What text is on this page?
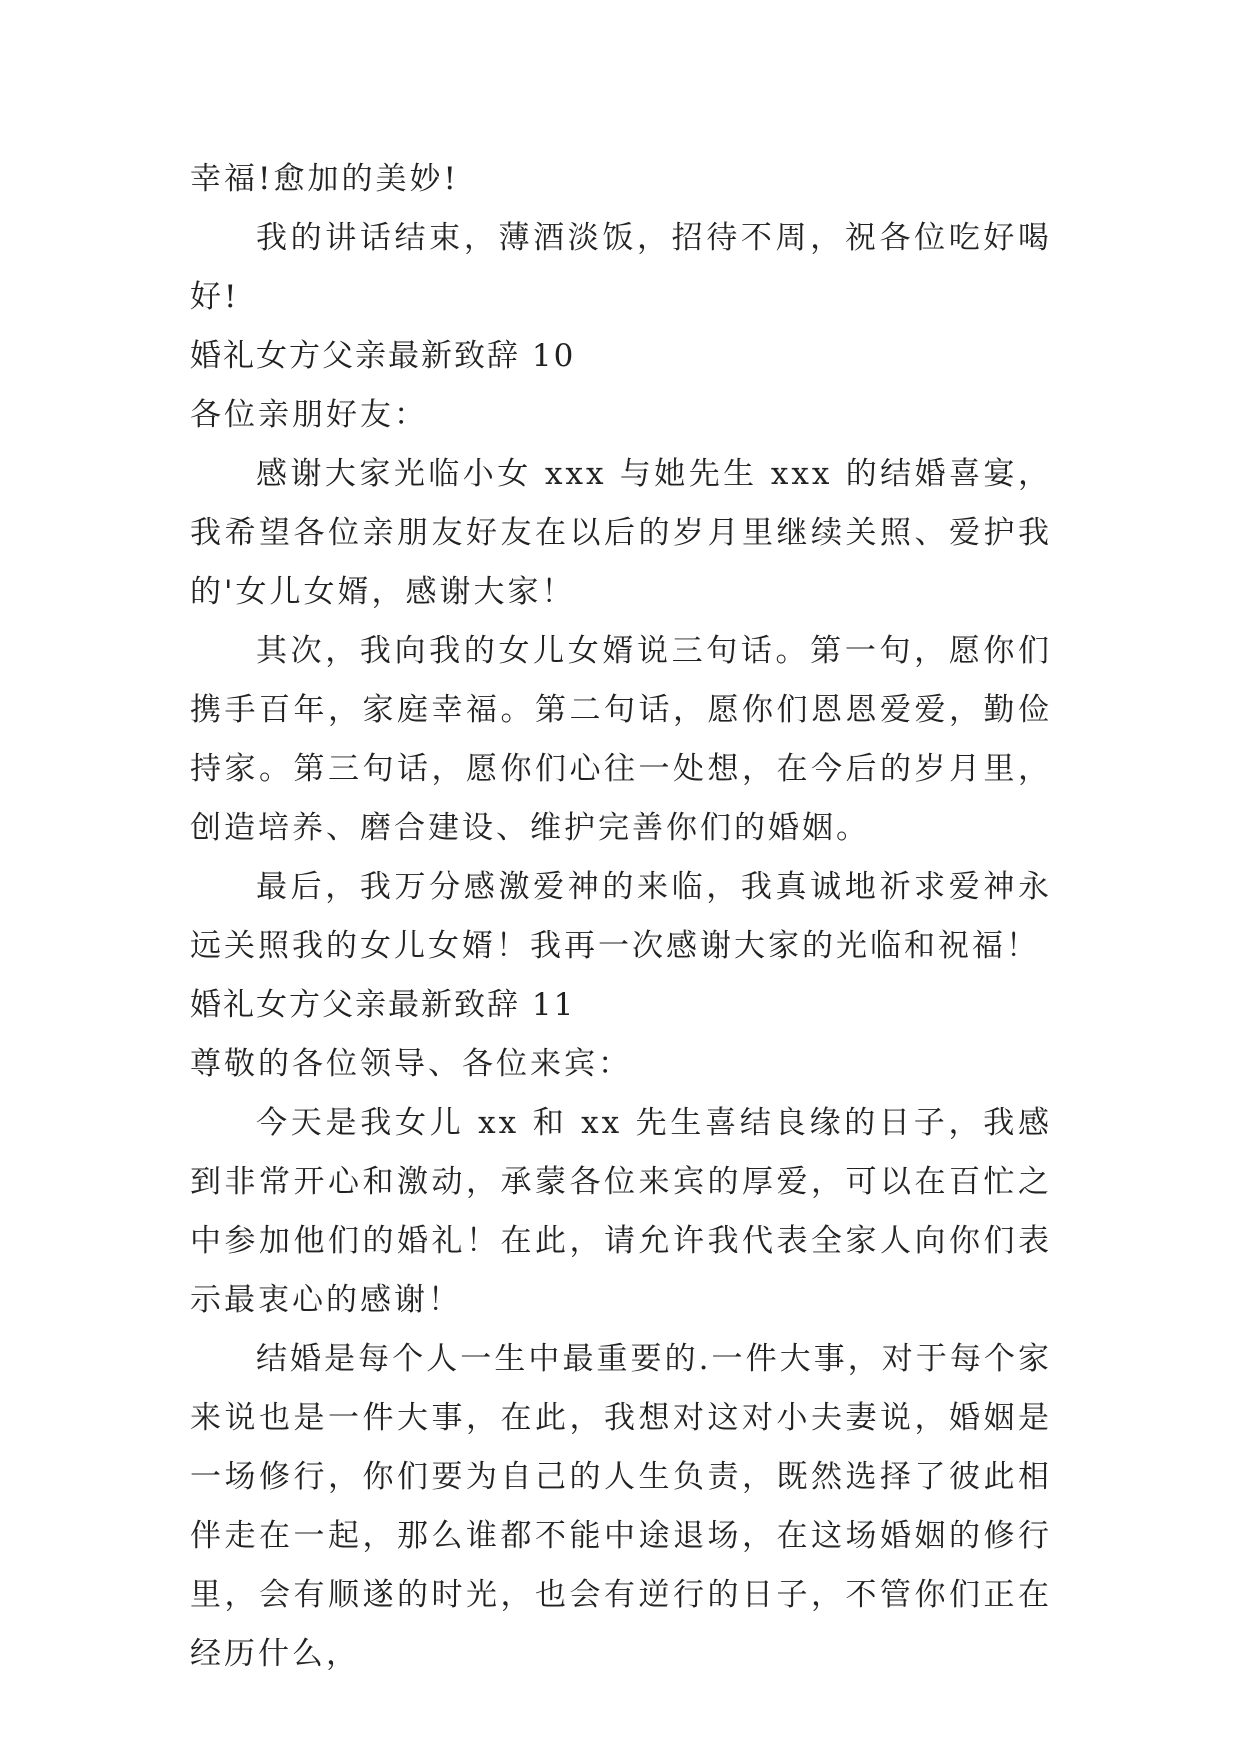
幸福!愈加的美妙!

我的讲话结束，薄酒淡饭，招待不周，祝各位吃好喝好!

婚礼女方父亲最新致辞 10

各位亲朋好友：

感谢大家光临小女 xxx 与她先生 xxx 的结婚喜宴，我希望各位亲朋友好友在以后的岁月里继续关照、爱护我的'女儿女婿，感谢大家！

其次，我向我的女儿女婿说三句话。第一句，愿你们携手百年，家庭幸福。第二句话，愿你们恩恩爱爱，勤俭持家。第三句话，愿你们心往一处想，在今后的岁月里，创造培养、磨合建设、维护完善你们的婚姻。

最后，我万分感激爱神的来临，我真诚地祈求爱神永远关照我的女儿女婿！我再一次感谢大家的光临和祝福！

婚礼女方父亲最新致辞 11

尊敬的各位领导、各位来宾：

今天是我女儿 xx 和 xx 先生喜结良缘的日子，我感到非常开心和激动，承蒙各位来宾的厚爱，可以在百忙之中参加他们的婚礼！在此，请允许我代表全家人向你们表示最衷心的感谢！

结婚是每个人一生中最重要的.一件大事，对于每个家来说也是一件大事，在此，我想对这对小夫妻说，婚姻是一场修行，你们要为自己的人生负责，既然选择了彼此相伴走在一起，那么谁都不能中途退场，在这场婚姻的修行里，会有顺遂的时光，也会有逆行的日子，不管你们正在经历什么，
